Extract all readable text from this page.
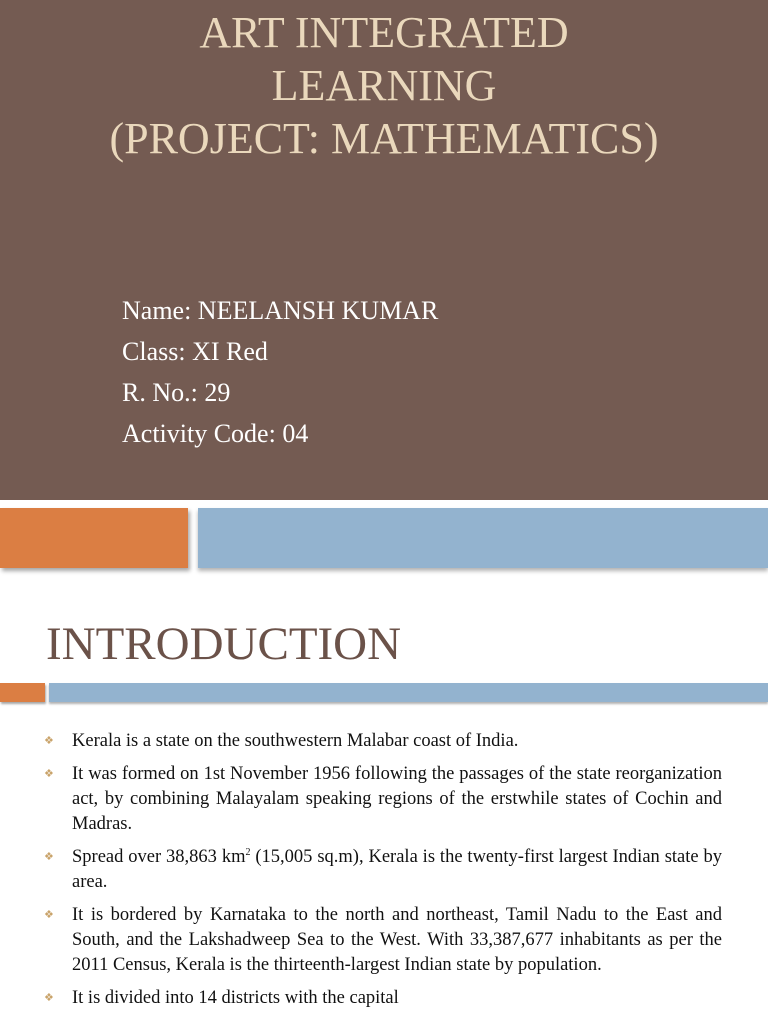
ART INTEGRATED
LEARNING
(PROJECT: MATHEMATICS)
Name: NEELANSH KUMAR
Class: XI Red
R. No.: 29
Activity Code: 04
INTRODUCTION
❖ Kerala is a state on the southwestern Malabar coast of India.
❖ It was formed on 1st November 1956 following the passages of the state reorganization act, by combining Malayalam speaking regions of the erstwhile states of Cochin and Madras.
❖ Spread over 38,863 $km^2$ (15,005 sq.m), Kerala is the twenty-first largest Indian state by area.
❖ It is bordered by Karnataka to the north and northeast, Tamil Nadu to the East and South, and the Lakshadweep Sea to the West. With 33,387,677 inhabitants as per the 2011 Census, Kerala is the thirteenth-largest Indian state by population.
❖ It is divided into 14 districts with the capital
